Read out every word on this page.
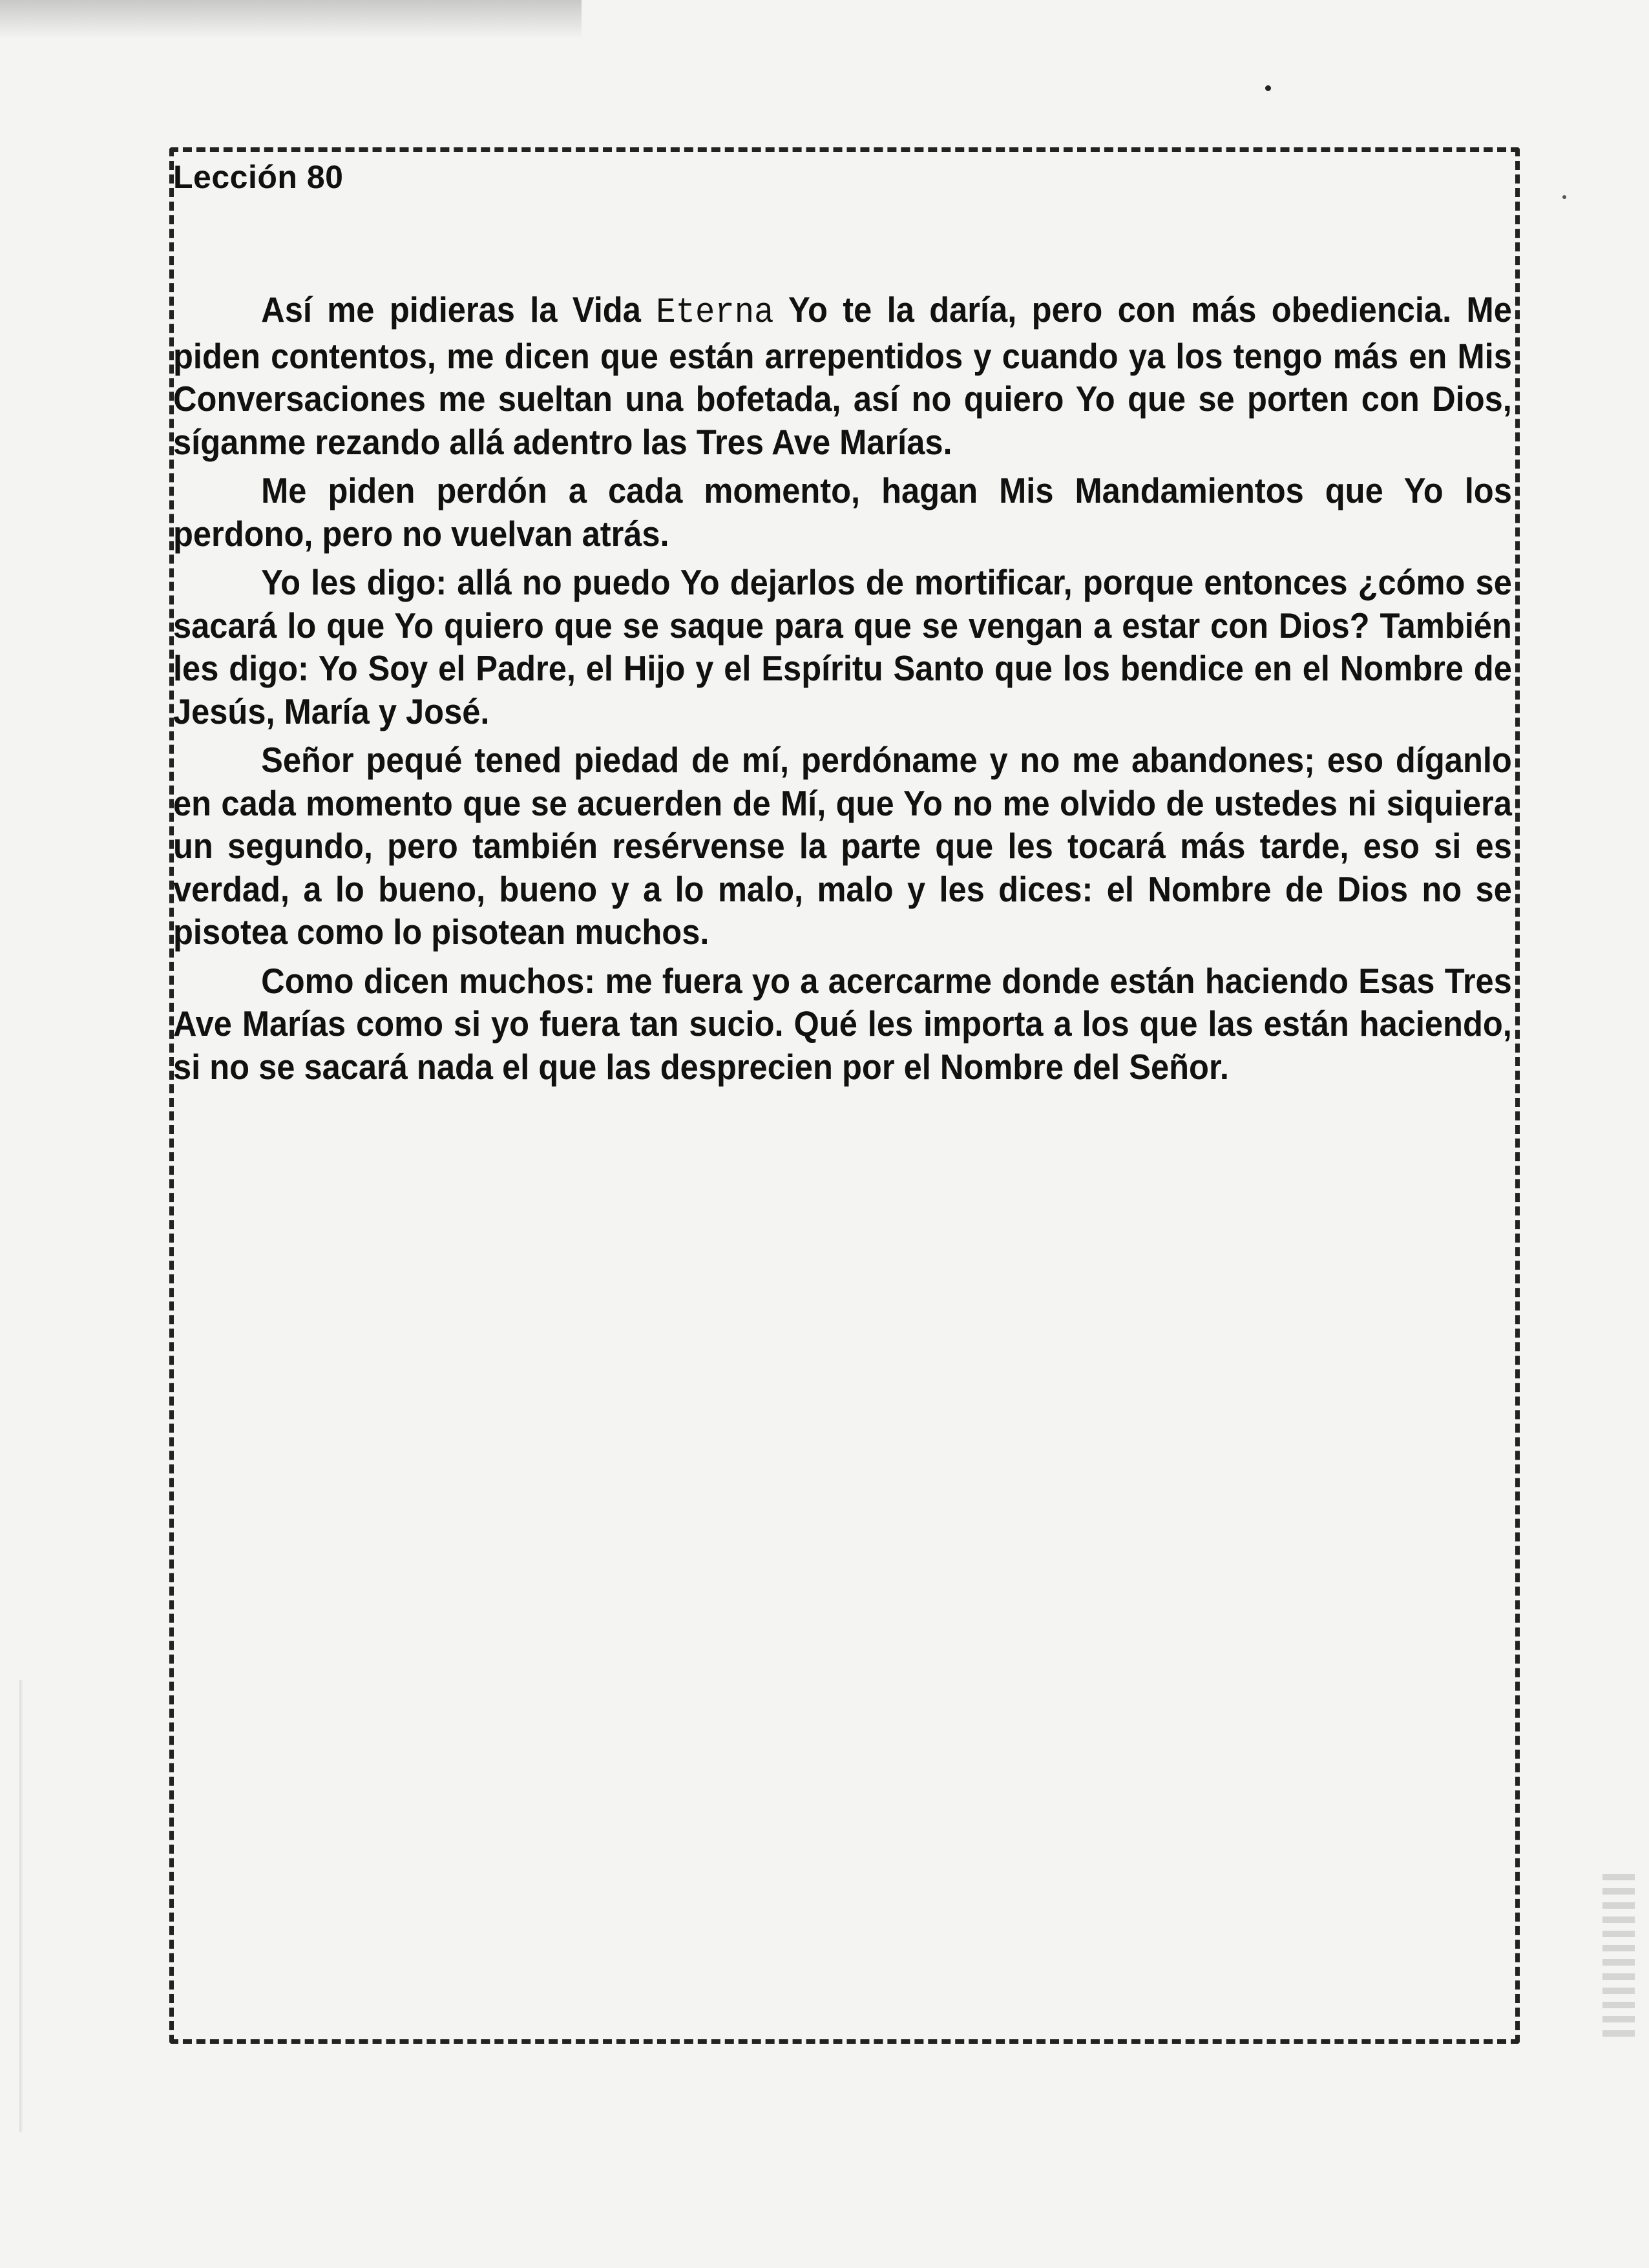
Lección 80

Así me pidieras la Vida Eterna Yo te la daría, pero con más obediencia. Me piden contentos, me dicen que están arrepentidos y cuando ya los tengo más en Mis Conversaciones me sueltan una bofetada, así no quiero Yo que se porten con Dios, síganme rezando allá adentro las Tres Ave Marías.

Me piden perdón a cada momento, hagan Mis Mandamientos que Yo los perdono, pero no vuelvan atrás.

Yo les digo: allá no puedo Yo dejarlos de mortificar, porque entonces ¿cómo se sacará lo que Yo quiero que se saque para que se vengan a estar con Dios? También les digo: Yo Soy el Padre, el Hijo y el Espíritu Santo que los bendice en el Nombre de Jesús, María y José.

Señor pequé tened piedad de mí, perdóname y no me abandones; eso díganlo en cada momento que se acuerden de Mí, que Yo no me olvido de ustedes ni siquiera un segundo, pero también resérvense la parte que les tocará más tarde, eso si es verdad, a lo bueno, bueno y a lo malo, malo y les dices: el Nombre de Dios no se pisotea como lo pisotean muchos.

Como dicen muchos: me fuera yo a acercarme donde están haciendo Esas Tres Ave Marías como si yo fuera tan sucio. Qué les importa a los que las están haciendo, si no se sacará nada el que las desprecien por el Nombre del Señor.
